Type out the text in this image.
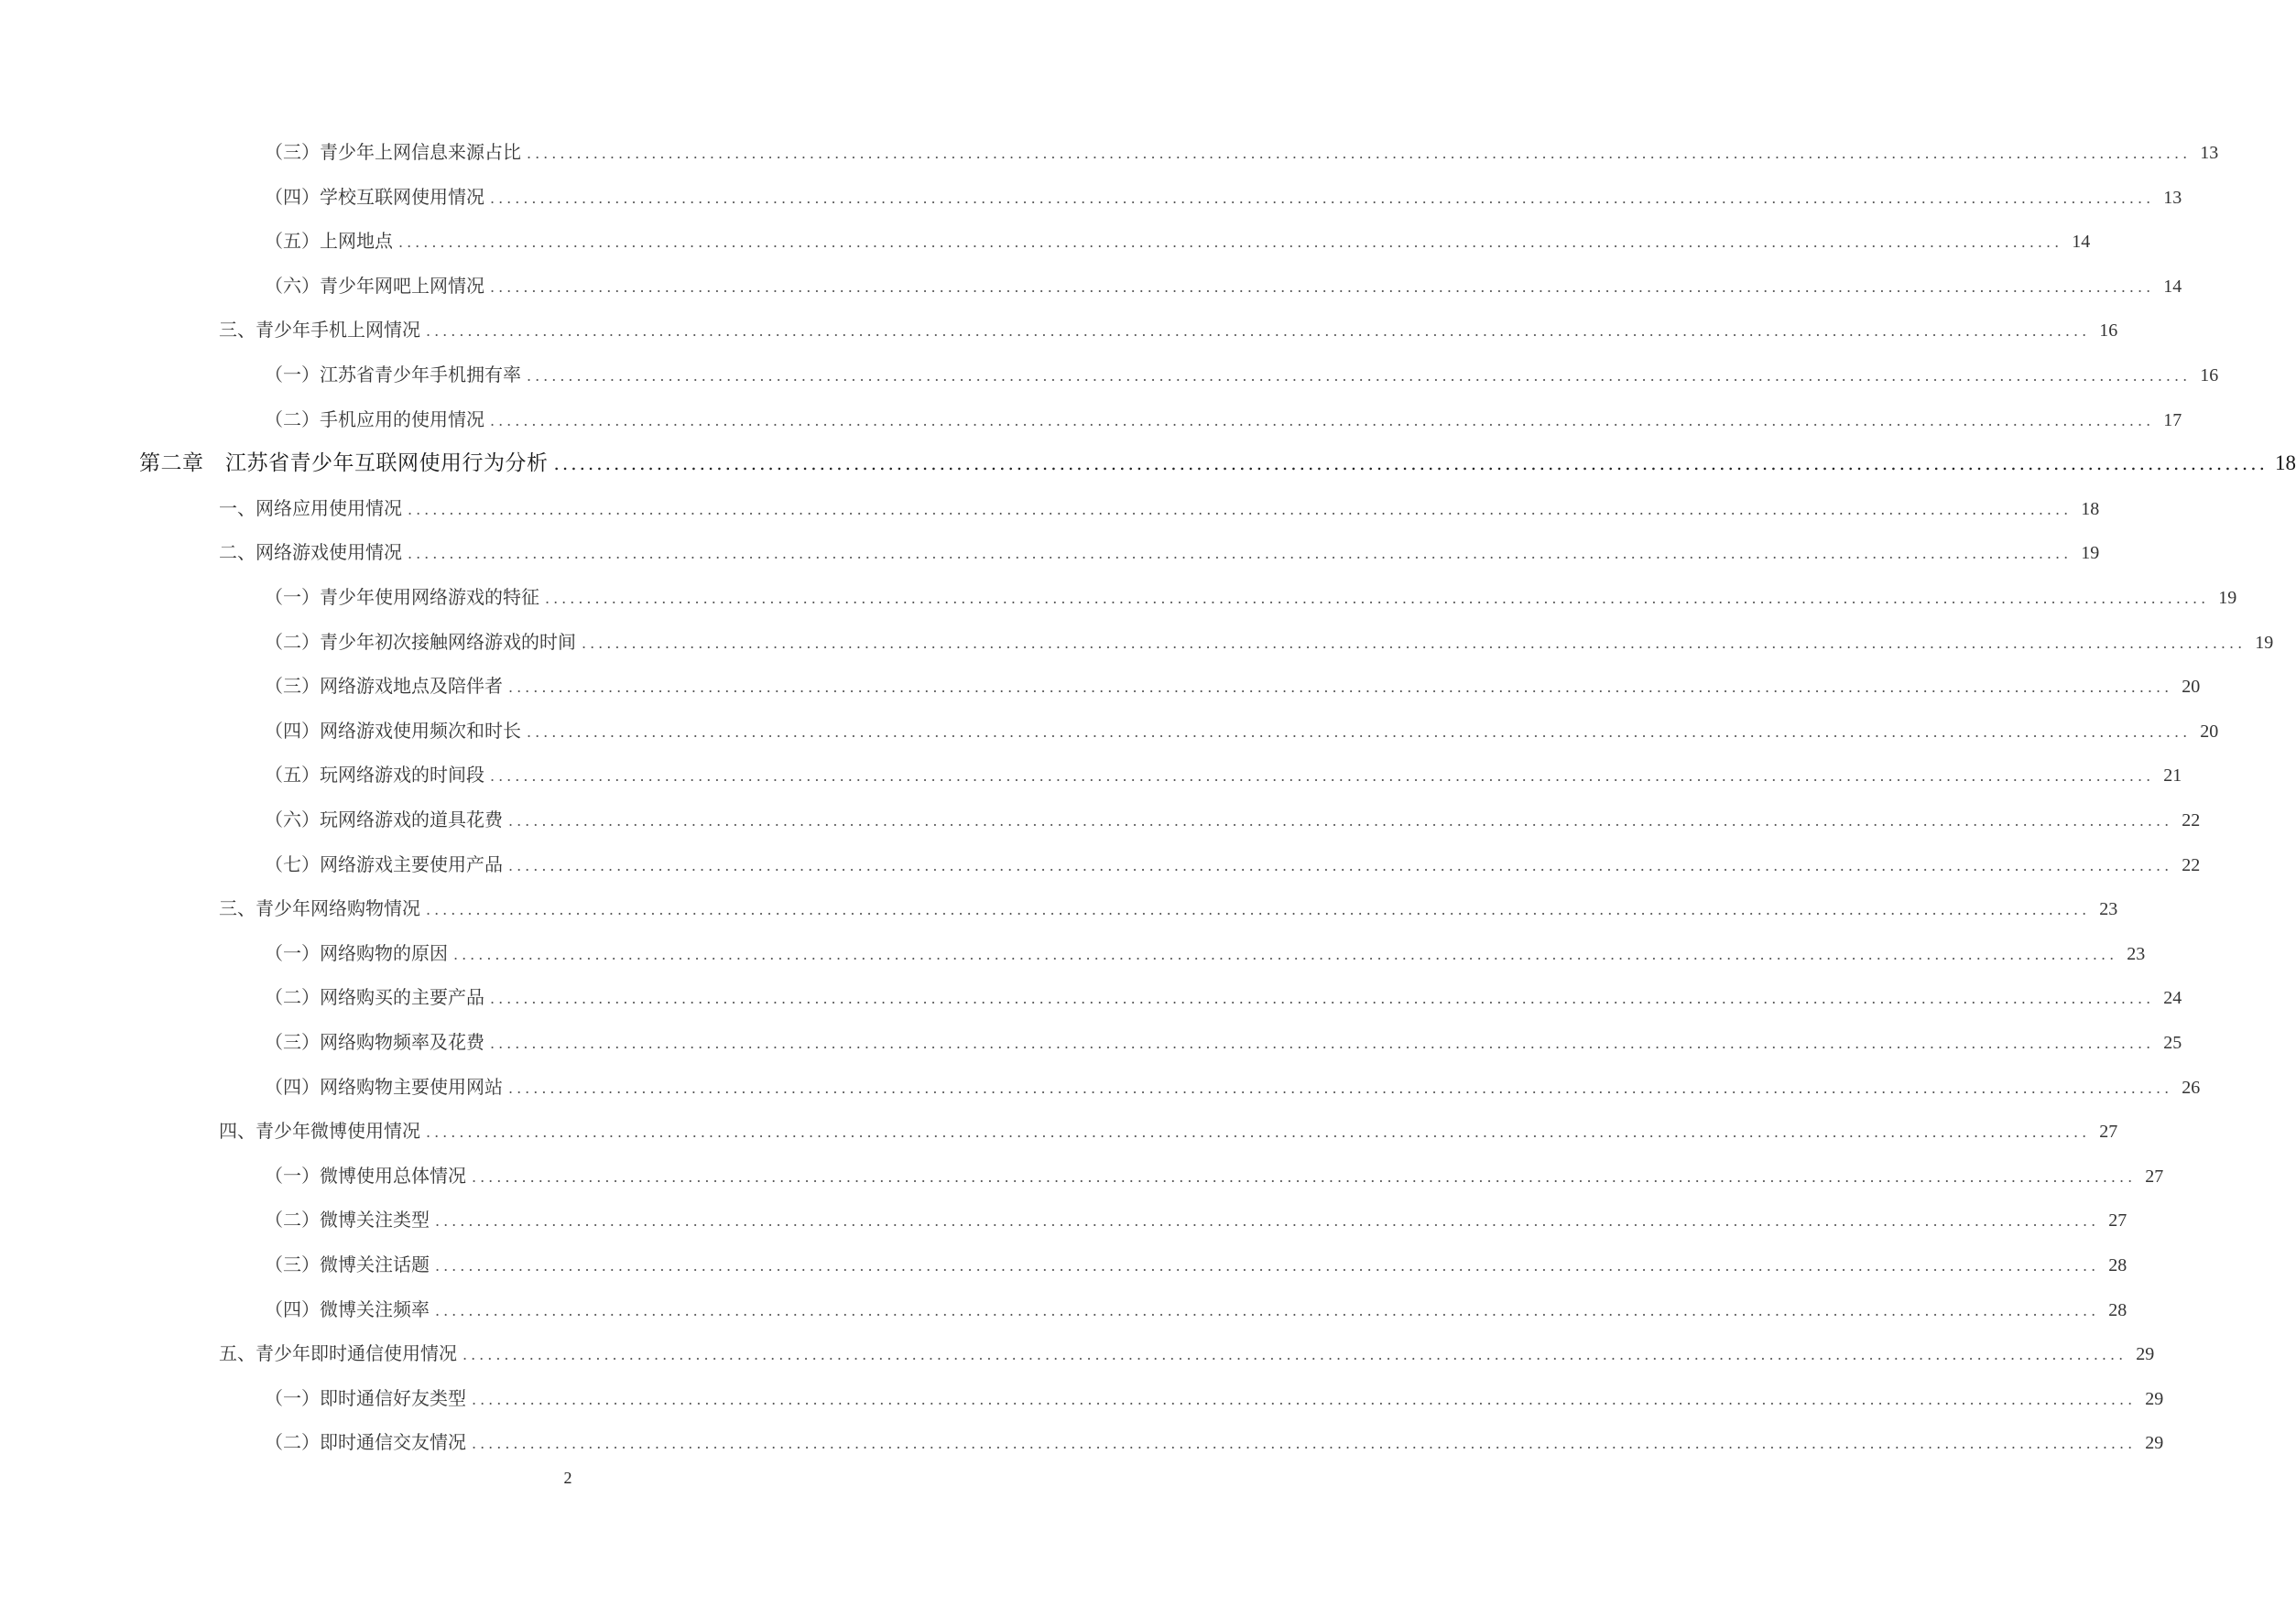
（三）青少年上网信息来源占比 ........................................................................................................................................................................................................ 13
（四）学校互联网使用情况 ........................................................................................................................................................................................................ 13
（五）上网地点 ........................................................................................................................................................................................................ 14
（六）青少年网吧上网情况 ........................................................................................................................................................................................................ 14
三、青少年手机上网情况 ........................................................................................................................................................................................................ 16
（一）江苏省青少年手机拥有率 ........................................................................................................................................................................................................ 16
（二）手机应用的使用情况 ........................................................................................................................................................................................................ 17
第二章　江苏省青少年互联网使用行为分析 ........................................................................................................................................................................................................ 18
一、网络应用使用情况 ........................................................................................................................................................................................................ 18
二、网络游戏使用情况 ........................................................................................................................................................................................................ 19
（一）青少年使用网络游戏的特征 ........................................................................................................................................................................................................ 19
（二）青少年初次接触网络游戏的时间 ........................................................................................................................................................................................................ 19
（三）网络游戏地点及陪伴者 ........................................................................................................................................................................................................ 20
（四）网络游戏使用频次和时长 ........................................................................................................................................................................................................ 20
（五）玩网络游戏的时间段 ........................................................................................................................................................................................................ 21
（六）玩网络游戏的道具花费 ........................................................................................................................................................................................................ 22
（七）网络游戏主要使用产品 ........................................................................................................................................................................................................ 22
三、青少年网络购物情况 ........................................................................................................................................................................................................ 23
（一）网络购物的原因 ........................................................................................................................................................................................................ 23
（二）网络购买的主要产品 ........................................................................................................................................................................................................ 24
（三）网络购物频率及花费 ........................................................................................................................................................................................................ 25
（四）网络购物主要使用网站 ........................................................................................................................................................................................................ 26
四、青少年微博使用情况 ........................................................................................................................................................................................................ 27
（一）微博使用总体情况 ........................................................................................................................................................................................................ 27
（二）微博关注类型 ........................................................................................................................................................................................................ 27
（三）微博关注话题 ........................................................................................................................................................................................................ 28
（四）微博关注频率 ........................................................................................................................................................................................................ 28
五、青少年即时通信使用情况 ........................................................................................................................................................................................................ 29
（一）即时通信好友类型 ........................................................................................................................................................................................................ 29
（二）即时通信交友情况 ........................................................................................................................................................................................................ 29
2
